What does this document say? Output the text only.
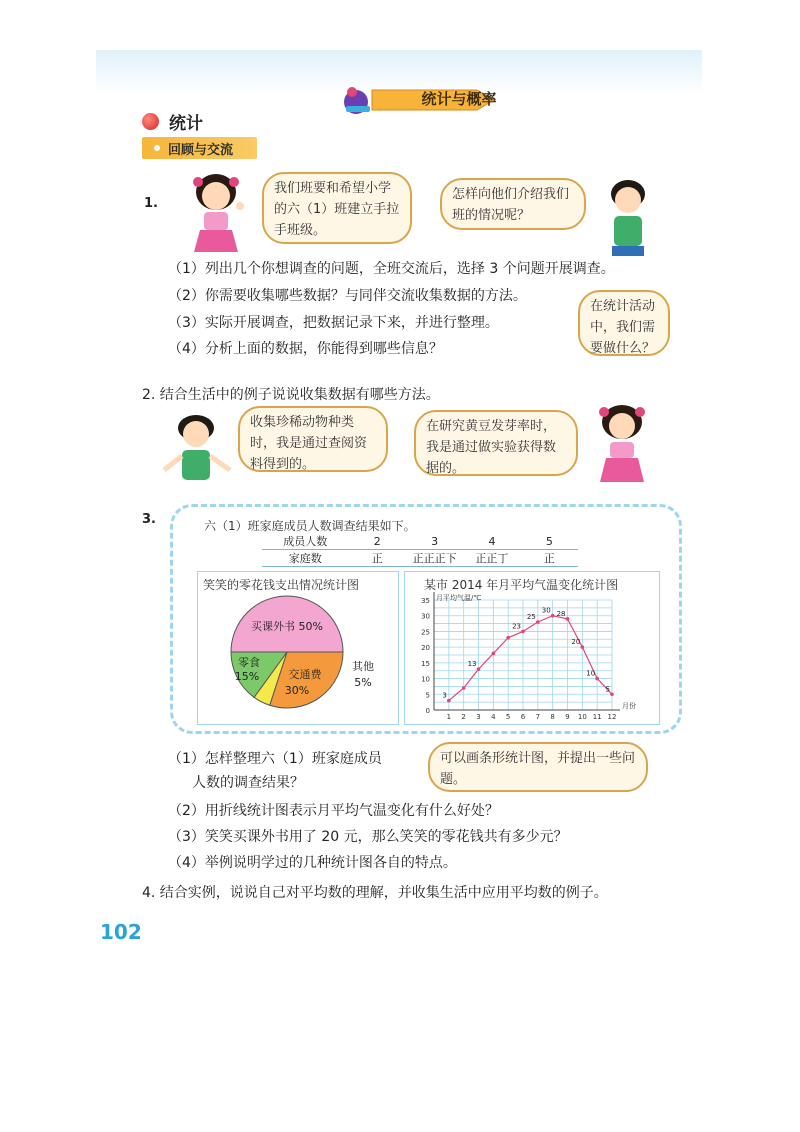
统计与概率
统计
回顾与交流
1.
我们班要和希望小学的六（1）班建立手拉手班级。
怎样向他们介绍我们班的情况呢？
（1）列出几个你想调查的问题，全班交流后，选择 3 个问题开展调查。
（2）你需要收集哪些数据？与同伴交流收集数据的方法。
（3）实际开展调查，把数据记录下来，并进行整理。
（4）分析上面的数据，你能得到哪些信息？
在统计活动中，我们需要做什么？
2. 结合生活中的例子说说收集数据有哪些方法。
收集珍稀动物种类时，我是通过查阅资料得到的。
在研究黄豆发芽率时，我是通过做实验获得数据的。
3.	六（1）班家庭成员人数调查结果如下。
成员人数	2	3	4	5
家庭数	正	正正正下	正正丁	正
笑笑的零花钱支出情况统计图
买课外书 50%
交通费
30%
零食
15%
其他
5%
某市 2014 年月平均气温变化统计图
0
5
10
15
20
25
30
35
1 2 3 4 5 6 7 8 9 10 11 12
月平均气温/℃
月份
3
13
23
25
30 28
20
10
5
（1）怎样整理六（1）班家庭成员
人数的调查结果？
可以画条形统计图，并提出一些问题。
（2）用折线统计图表示月平均气温变化有什么好处？
（3）笑笑买课外书用了 20 元，那么笑笑的零花钱共有多少元？
（4）举例说明学过的几种统计图各自的特点。
4. 结合实例，说说自己对平均数的理解，并收集生活中应用平均数的例子。
102
